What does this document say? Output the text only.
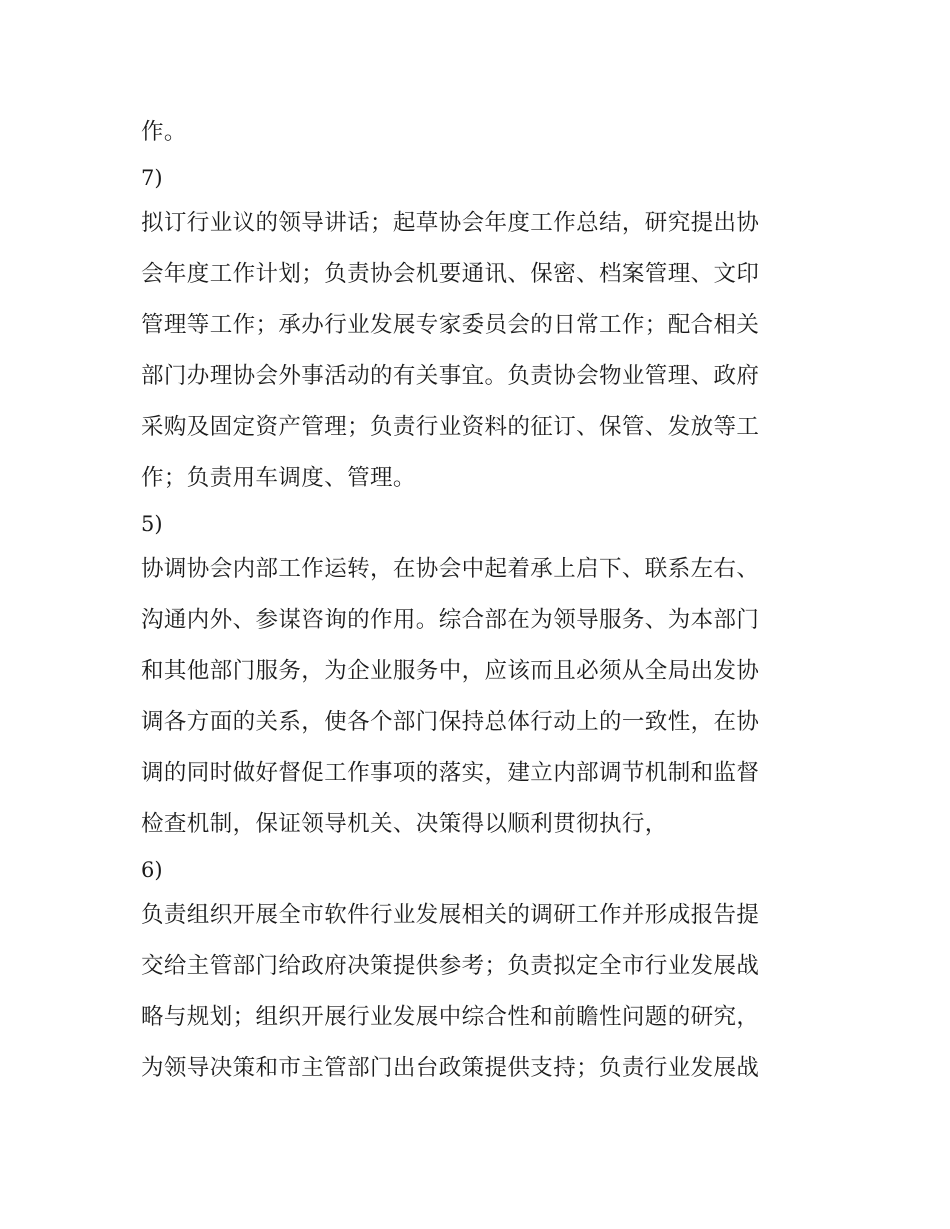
作。
7)
拟订行业议的领导讲话；起草协会年度工作总结，研究提出协
会年度工作计划；负责协会机要通讯、保密、档案管理、文印
管理等工作；承办行业发展专家委员会的日常工作；配合相关
部门办理协会外事活动的有关事宜。负责协会物业管理、政府
采购及固定资产管理；负责行业资料的征订、保管、发放等工
作；负责用车调度、管理。
5)
协调协会内部工作运转，在协会中起着承上启下、联系左右、
沟通内外、参谋咨询的作用。综合部在为领导服务、为本部门
和其他部门服务，为企业服务中，应该而且必须从全局出发协
调各方面的关系，使各个部门保持总体行动上的一致性，在协
调的同时做好督促工作事项的落实，建立内部调节机制和监督
检查机制，保证领导机关、决策得以顺利贯彻执行，
6)
负责组织开展全市软件行业发展相关的调研工作并形成报告提
交给主管部门给政府决策提供参考；负责拟定全市行业发展战
略与规划；组织开展行业发展中综合性和前瞻性问题的研究，
为领导决策和市主管部门出台政策提供支持；负责行业发展战
